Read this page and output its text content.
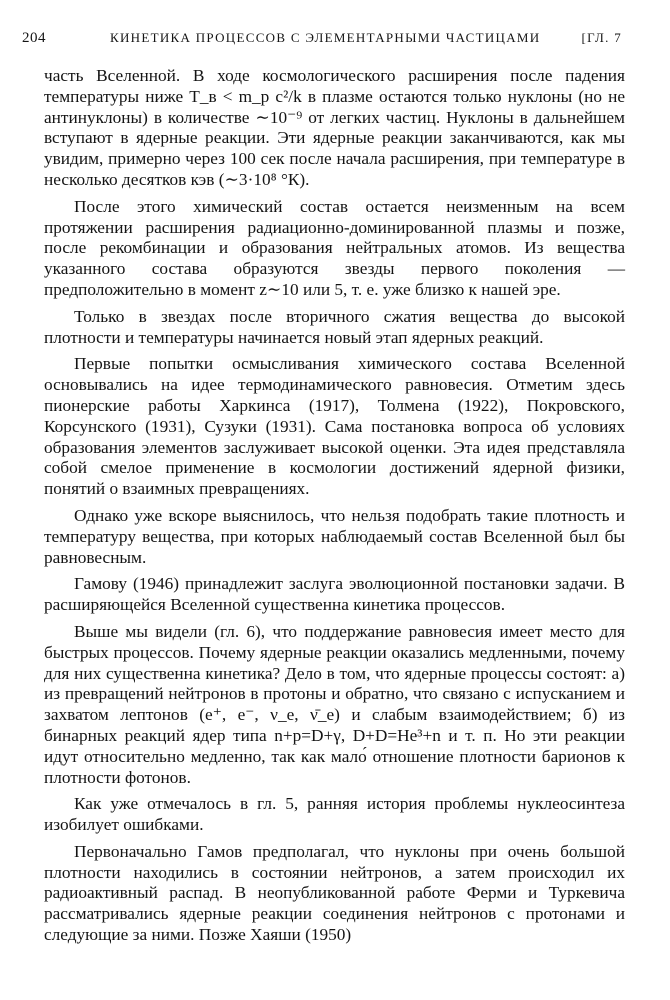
204	КИНЕТИКА ПРОЦЕССОВ С ЭЛЕМЕНТАРНЫМИ ЧАСТИЦАМИ	[ГЛ. 7

часть Вселенной. В ходе космологического расширения после падения температуры ниже T_в < m_p c²/k в плазме остаются только нуклоны (но не антинуклоны) в количестве ∼10⁻⁹ от легких частиц. Нуклоны в дальнейшем вступают в ядерные реакции. Эти ядерные реакции заканчиваются, как мы увидим, примерно через 100 сек после начала расширения, при температуре в несколько десятков кэв (∼3·10⁸ °К).

После этого химический состав остается неизменным на всем протяжении расширения радиационно-доминированной плазмы и позже, после рекомбинации и образования нейтральных атомов. Из вещества указанного состава образуются звезды первого поколения — предположительно в момент z∼10 или 5, т. е. уже близко к нашей эре.

Только в звездах после вторичного сжатия вещества до высокой плотности и температуры начинается новый этап ядерных реакций.

Первые попытки осмысливания химического состава Вселенной основывались на идее термодинамического равновесия. Отметим здесь пионерские работы Харкинса (1917), Толмена (1922), Покровского, Корсунского (1931), Сузуки (1931). Сама постановка вопроса об условиях образования элементов заслуживает высокой оценки. Эта идея представляла собой смелое применение в космологии достижений ядерной физики, понятий о взаимных превращениях.

Однако уже вскоре выяснилось, что нельзя подобрать такие плотность и температуру вещества, при которых наблюдаемый состав Вселенной был бы равновесным.

Гамову (1946) принадлежит заслуга эволюционной постановки задачи. В расширяющейся Вселенной существенна кинетика процессов.

Выше мы видели (гл. 6), что поддержание равновесия имеет место для быстрых процессов. Почему ядерные реакции оказались медленными, почему для них существенна кинетика? Дело в том, что ядерные процессы состоят: а) из превращений нейтронов в протоны и обратно, что связано с испусканием и захватом лептонов (e⁺, e⁻, ν_e, ν̄_e) и слабым взаимодействием; б) из бинарных реакций ядер типа n+p=D+γ, D+D=He³+n и т. п. Но эти реакции идут относительно медленно, так как мало́ отношение плотности барионов к плотности фотонов.

Как уже отмечалось в гл. 5, ранняя история проблемы нуклеосинтеза изобилует ошибками.

Первоначально Гамов предполагал, что нуклоны при очень большой плотности находились в состоянии нейтронов, а затем происходил их радиоактивный распад. В неопубликованной работе Ферми и Туркевича рассматривались ядерные реакции соединения нейтронов с протонами и следующие за ними. Позже Хаяши (1950)
